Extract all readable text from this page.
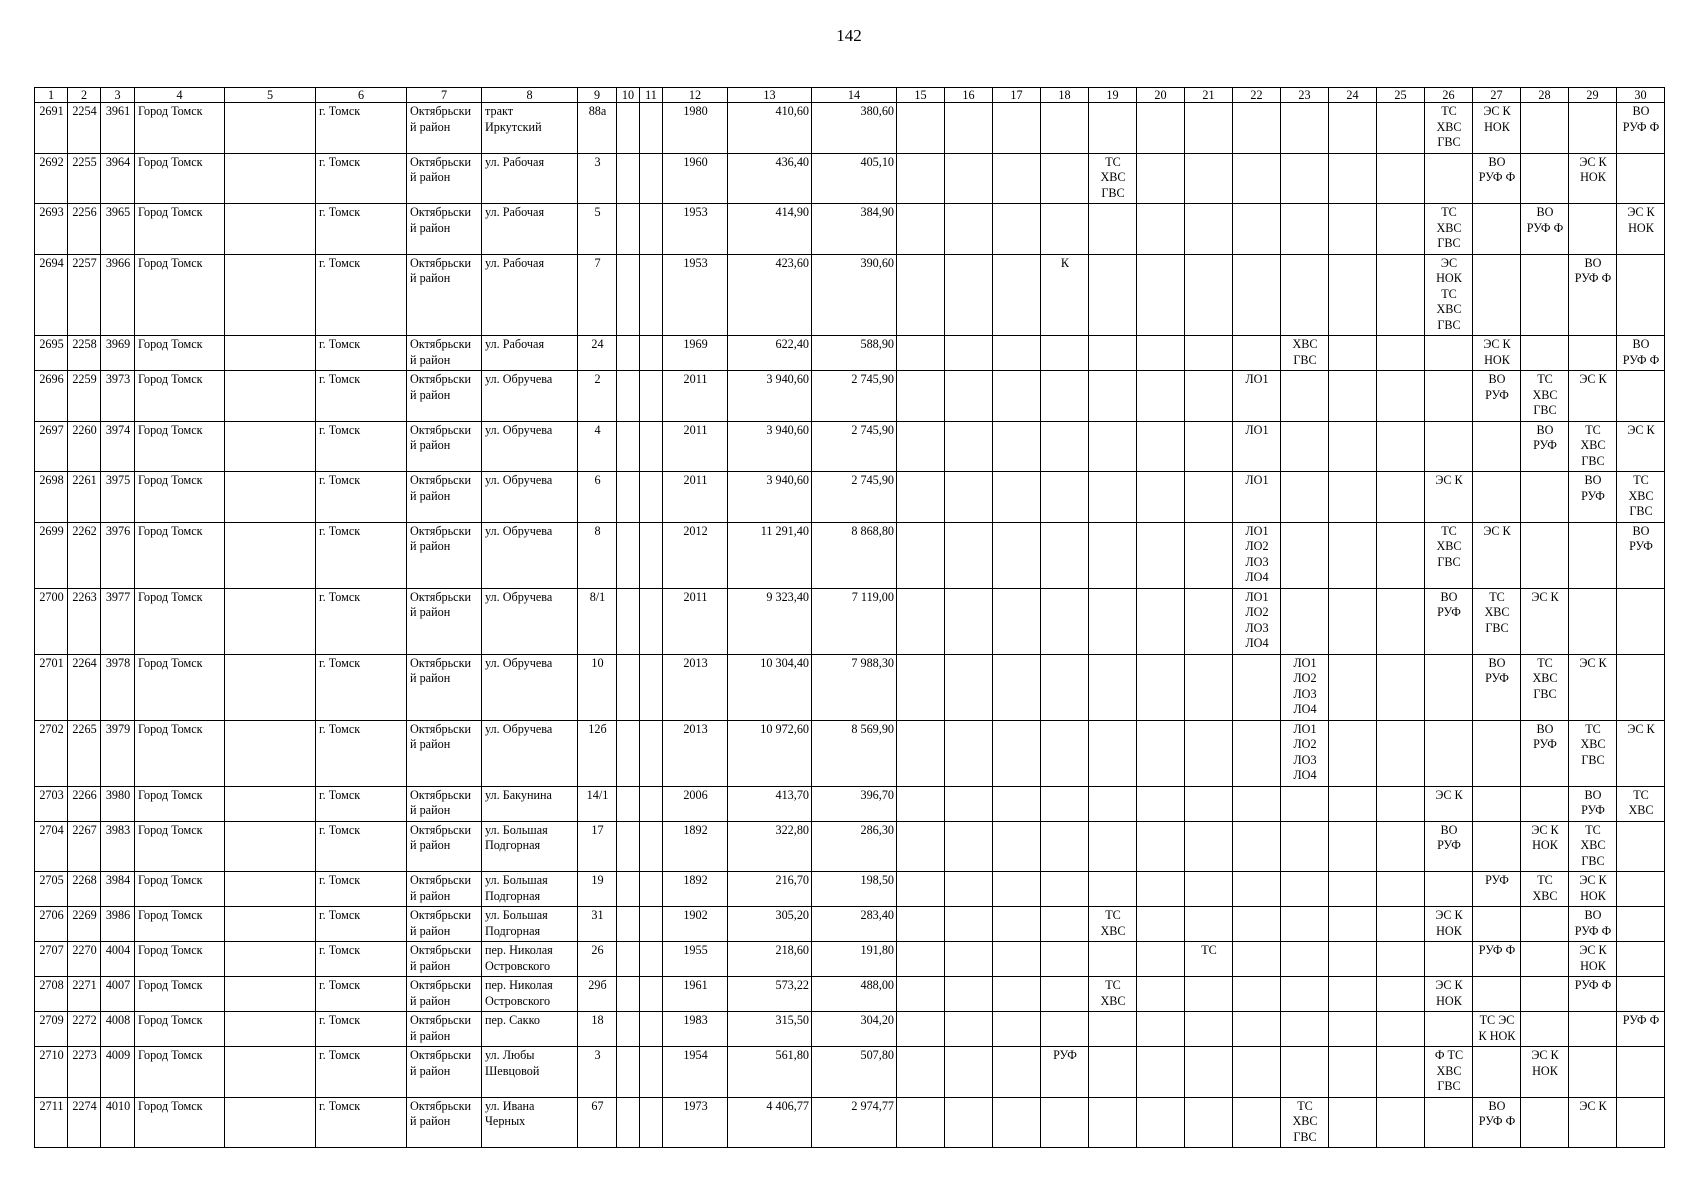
142
1	2	3	4	5	6	7	8	9	10	11	12	13	14	15	16	17	18	19	20	21	22	23	24	25	26	27	28	29	30
2691	2254	3961	Город Томск		г. Томск	Октябрьски
й район	тракт
Иркутский	88а			1980	410,60	380,60												ТС
ХВС
ГВС	ЭС К
НОК			ВО
РУФ Ф
2692	2255	3964	Город Томск		г. Томск	Октябрьски
й район	ул. Рабочая	3			1960	436,40	405,10					ТС
ХВС
ГВС								ВО
РУФ Ф		ЭС К
НОК	
2693	2256	3965	Город Томск		г. Томск	Октябрьски
й район	ул. Рабочая	5			1953	414,90	384,90												ТС
ХВС
ГВС		ВО
РУФ Ф		ЭС К
НОК
2694	2257	3966	Город Томск		г. Томск	Октябрьски
й район	ул. Рабочая	7			1953	423,60	390,60				К								ЭС
НОК
ТС
ХВС
ГВС			ВО
РУФ Ф	
2695	2258	3969	Город Томск		г. Томск	Октябрьски
й район	ул. Рабочая	24			1969	622,40	588,90									ХВС
ГВС				ЭС К
НОК			ВО
РУФ Ф
2696	2259	3973	Город Томск		г. Томск	Октябрьски
й район	ул. Обручева	2			2011	3 940,60	2 745,90								ЛО1					ВО
РУФ	ТС
ХВС
ГВС	ЭС К	
2697	2260	3974	Город Томск		г. Томск	Октябрьски
й район	ул. Обручева	4			2011	3 940,60	2 745,90								ЛО1						ВО
РУФ	ТС
ХВС
ГВС	ЭС К
2698	2261	3975	Город Томск		г. Томск	Октябрьски
й район	ул. Обручева	6			2011	3 940,60	2 745,90								ЛО1				ЭС К			ВО
РУФ	ТС
ХВС
ГВС
2699	2262	3976	Город Томск		г. Томск	Октябрьски
й район	ул. Обручева	8			2012	11 291,40	8 868,80								ЛО1
ЛО2
ЛО3
ЛО4				ТС
ХВС
ГВС	ЭС К			ВО
РУФ
2700	2263	3977	Город Томск		г. Томск	Октябрьски
й район	ул. Обручева	8/1			2011	9 323,40	7 119,00								ЛО1
ЛО2
ЛО3
ЛО4				ВО
РУФ	ТС
ХВС
ГВС	ЭС К		
2701	2264	3978	Город Томск		г. Томск	Октябрьски
й район	ул. Обручева	10			2013	10 304,40	7 988,30									ЛО1
ЛО2
ЛО3
ЛО4				ВО
РУФ	ТС
ХВС
ГВС	ЭС К	
2702	2265	3979	Город Томск		г. Томск	Октябрьски
й район	ул. Обручева	12б			2013	10 972,60	8 569,90									ЛО1
ЛО2
ЛО3
ЛО4					ВО
РУФ	ТС
ХВС
ГВС	ЭС К
2703	2266	3980	Город Томск		г. Томск	Октябрьски
й район	ул. Бакунина	14/1			2006	413,70	396,70												ЭС К			ВО
РУФ	ТС
ХВС
2704	2267	3983	Город Томск		г. Томск	Октябрьски
й район	ул. Большая
Подгорная	17			1892	322,80	286,30												ВО
РУФ		ЭС К
НОК	ТС
ХВС
ГВС	
2705	2268	3984	Город Томск		г. Томск	Октябрьски
й район	ул. Большая
Подгорная	19			1892	216,70	198,50													РУФ	ТС
ХВС	ЭС К
НОК	
2706	2269	3986	Город Томск		г. Томск	Октябрьски
й район	ул. Большая
Подгорная	31			1902	305,20	283,40					ТС
ХВС							ЭС К
НОК			ВО
РУФ Ф	
2707	2270	4004	Город Томск		г. Томск	Октябрьски
й район	пер. Николая
Островского	26			1955	218,60	191,80							ТС						РУФ Ф		ЭС К
НОК	
2708	2271	4007	Город Томск		г. Томск	Октябрьски
й район	пер. Николая
Островского	29б			1961	573,22	488,00					ТС
ХВС							ЭС К
НОК			РУФ Ф	
2709	2272	4008	Город Томск		г. Томск	Октябрьски
й район	пер. Сакко	18			1983	315,50	304,20													ТС ЭС
К НОК			РУФ Ф
2710	2273	4009	Город Томск		г. Томск	Октябрьски
й район	ул. Любы
Шевцовой	3			1954	561,80	507,80				РУФ								Ф ТС
ХВС
ГВС		ЭС К
НОК		
2711	2274	4010	Город Томск		г. Томск	Октябрьски
й район	ул. Ивана
Черных	67			1973	4 406,77	2 974,77									ТС
ХВС
ГВС				ВО
РУФ Ф		ЭС К	
